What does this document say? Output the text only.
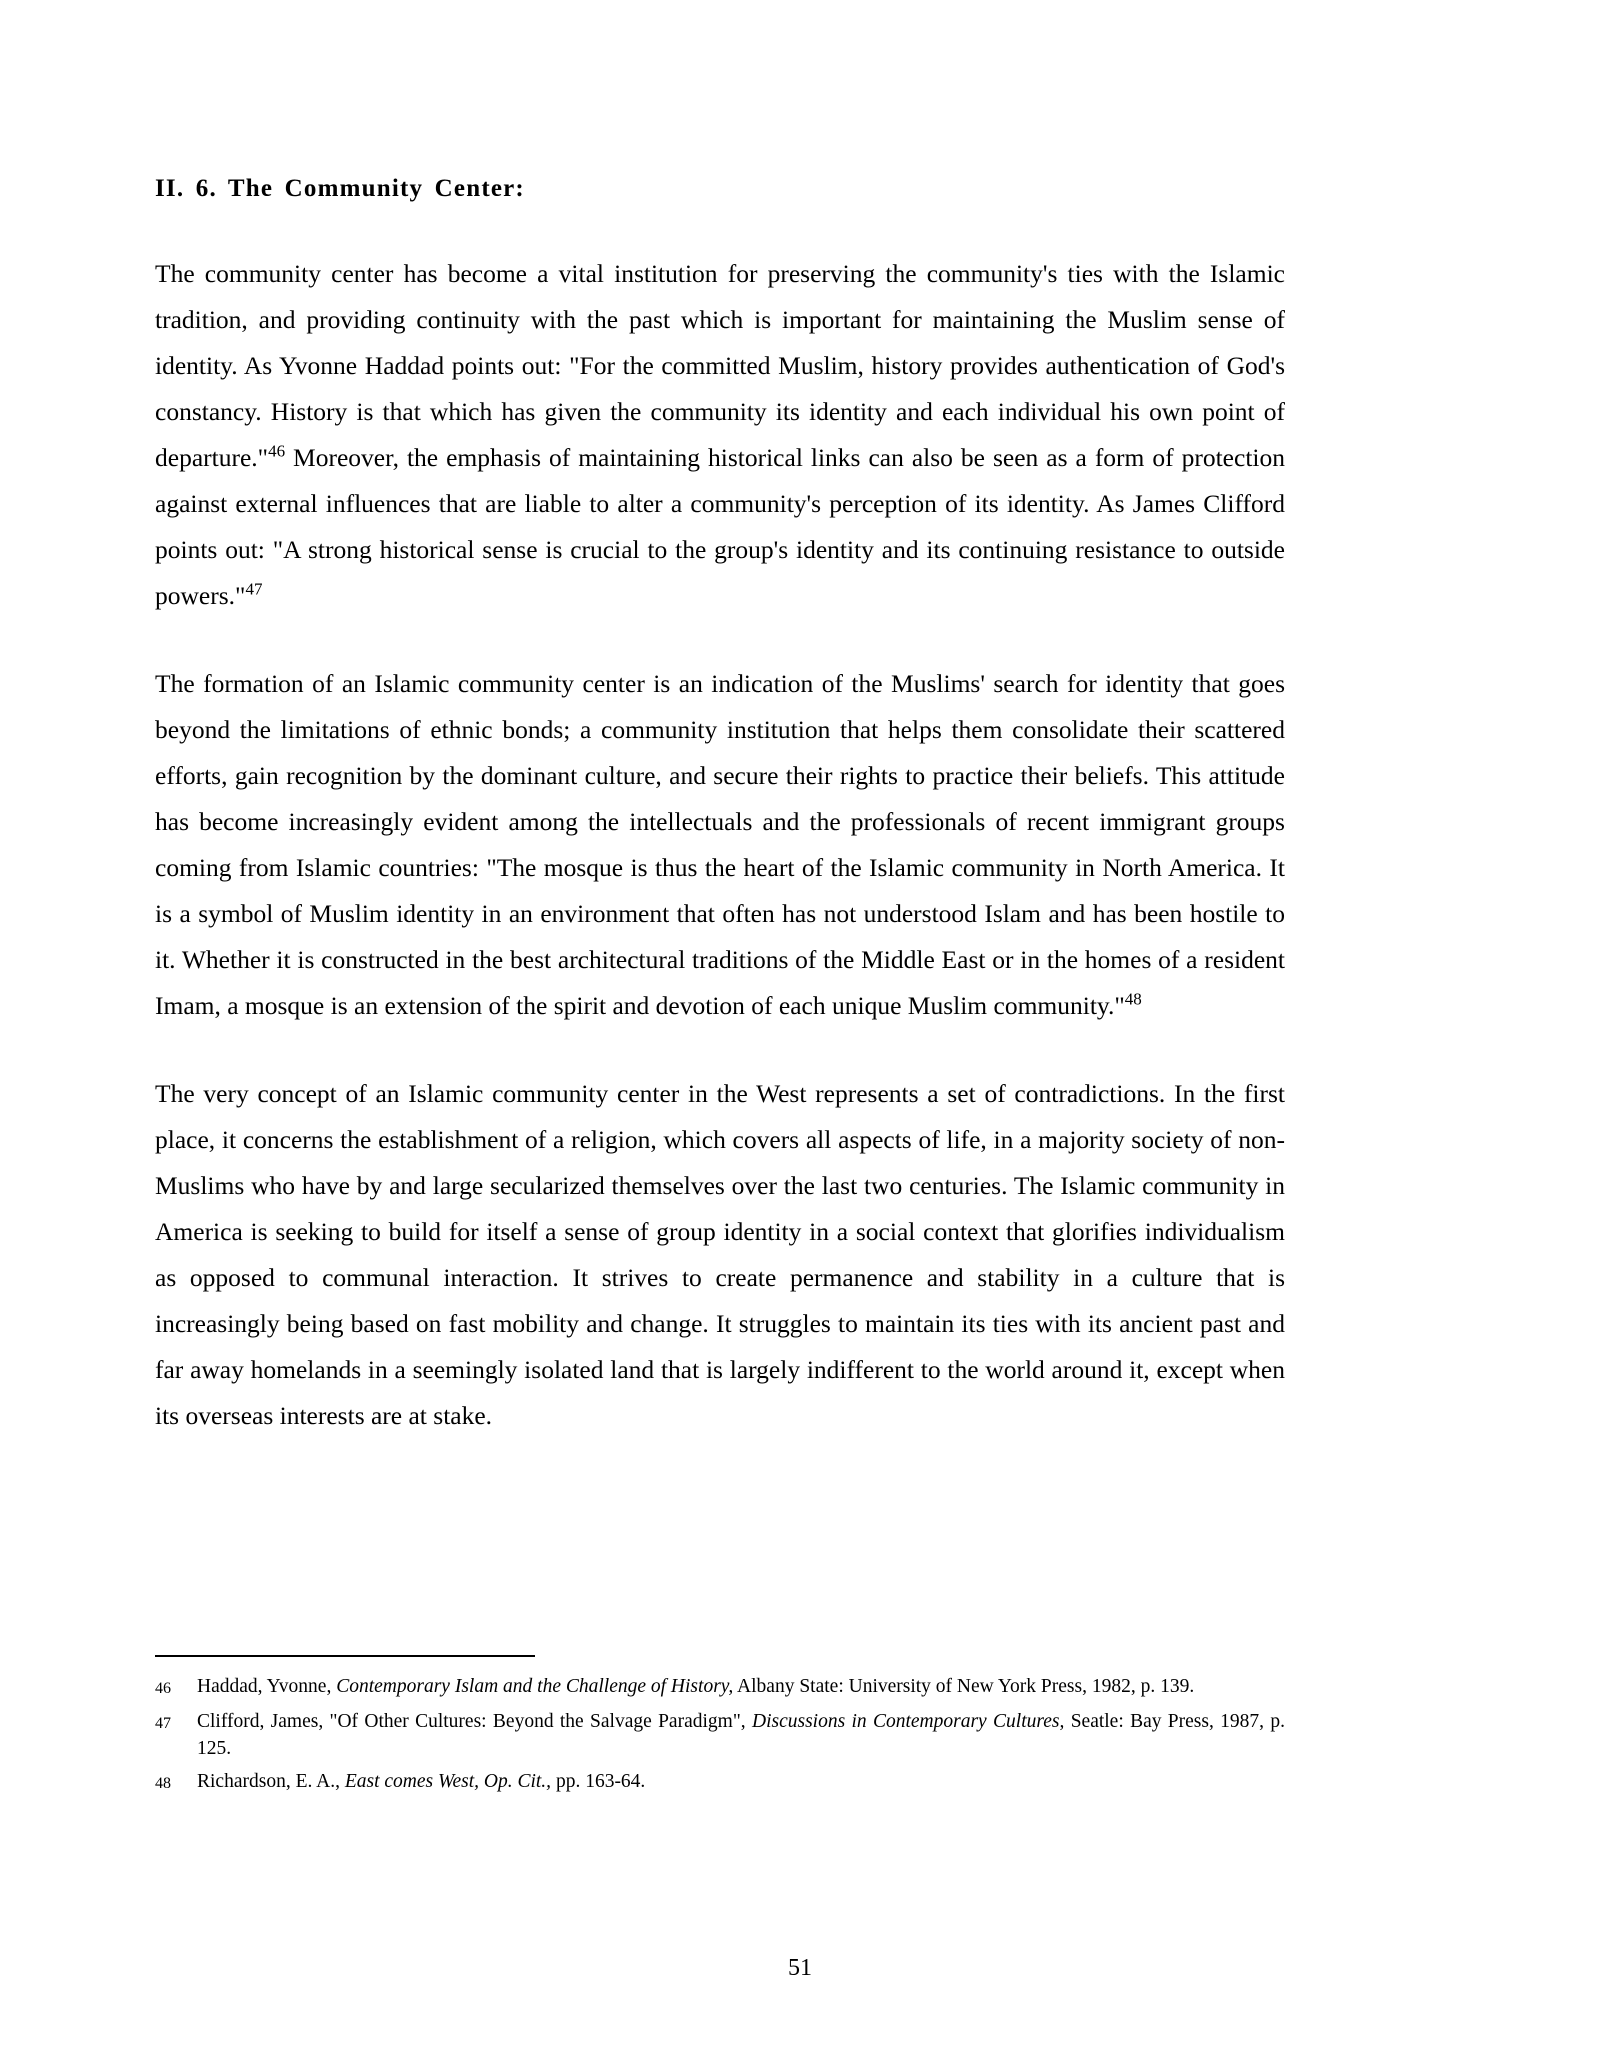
II. 6. The Community Center:

The community center has become a vital institution for preserving the community's ties with the Islamic tradition, and providing continuity with the past which is important for maintaining the Muslim sense of identity. As Yvonne Haddad points out: "For the committed Muslim, history provides authentication of God's constancy. History is that which has given the community its identity and each individual his own point of departure."$^{46}$ Moreover, the emphasis of maintaining historical links can also be seen as a form of protection against external influences that are liable to alter a community's perception of its identity. As James Clifford points out: "A strong historical sense is crucial to the group's identity and its continuing resistance to outside powers."$^{47}$

The formation of an Islamic community center is an indication of the Muslims' search for identity that goes beyond the limitations of ethnic bonds; a community institution that helps them consolidate their scattered efforts, gain recognition by the dominant culture, and secure their rights to practice their beliefs. This attitude has become increasingly evident among the intellectuals and the professionals of recent immigrant groups coming from Islamic countries: "The mosque is thus the heart of the Islamic community in North America. It is a symbol of Muslim identity in an environment that often has not understood Islam and has been hostile to it. Whether it is constructed in the best architectural traditions of the Middle East or in the homes of a resident Imam, a mosque is an extension of the spirit and devotion of each unique Muslim community."$^{48}$

The very concept of an Islamic community center in the West represents a set of contradictions. In the first place, it concerns the establishment of a religion, which covers all aspects of life, in a majority society of non-Muslims who have by and large secularized themselves over the last two centuries. The Islamic community in America is seeking to build for itself a sense of group identity in a social context that glorifies individualism as opposed to communal interaction. It strives to create permanence and stability in a culture that is increasingly being based on fast mobility and change. It struggles to maintain its ties with its ancient past and far away homelands in a seemingly isolated land that is largely indifferent to the world around it, except when its overseas interests are at stake.

46	Haddad, Yvonne, Contemporary Islam and the Challenge of History, Albany State: University of New York Press, 1982, p. 139.
47	Clifford, James, "Of Other Cultures: Beyond the Salvage Paradigm", Discussions in Contemporary Cultures, Seatle: Bay Press, 1987, p. 125.
48	Richardson, E. A., East comes West, Op. Cit., pp. 163-64.
51
